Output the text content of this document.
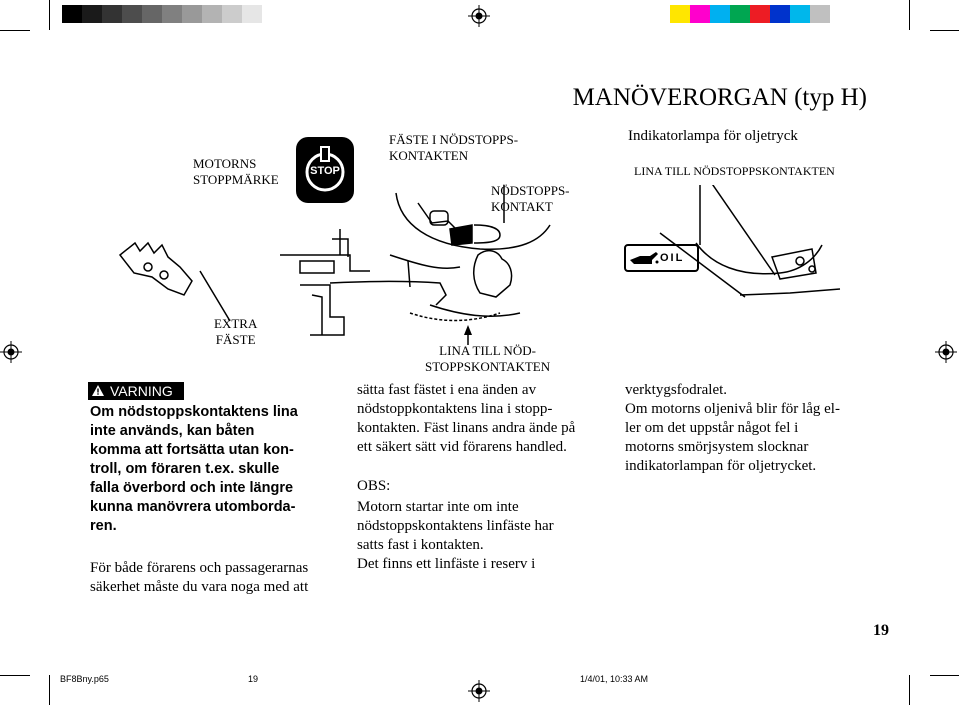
MANÖVERORGAN (typ H)
Indikatorlampa för oljetryck
MOTORNS
STOPPMÄRKE
FÄSTE I NÖDSTOPPS-
KONTAKTEN
NÖDSTOPPS-
KONTAKT
LINA TILL NÖDSTOPPSKONTAKTEN
EXTRA
FÄSTE
LINA TILL NÖD-
STOPPSKONTAKTEN
STOP
OIL
VARNING
Om nödstoppskontaktens lina
inte används, kan båten
komma att fortsätta utan kon-
troll, om föraren t.ex. skulle
falla överbord och inte längre
kunna manövrera utomborda-
ren.
För både förarens och passagerarnas
säkerhet måste du vara noga med att
sätta fast fästet i ena änden av
nödstoppkontaktens lina i stopp-
kontakten. Fäst linans andra ände på
ett säkert sätt vid förarens handled.
OBS:
Motorn startar inte om inte
nödstoppskontaktens linfäste har
satts fast i kontakten.
Det finns ett linfäste i reserv i
verktygsfodralet.
Om motorns oljenivå blir för låg el-
ler om det uppstår något fel i
motorns smörjsystem slocknar
indikatorlampan för oljetrycket.
19
BF8Bny.p65	19	1/4/01, 10:33 AM
